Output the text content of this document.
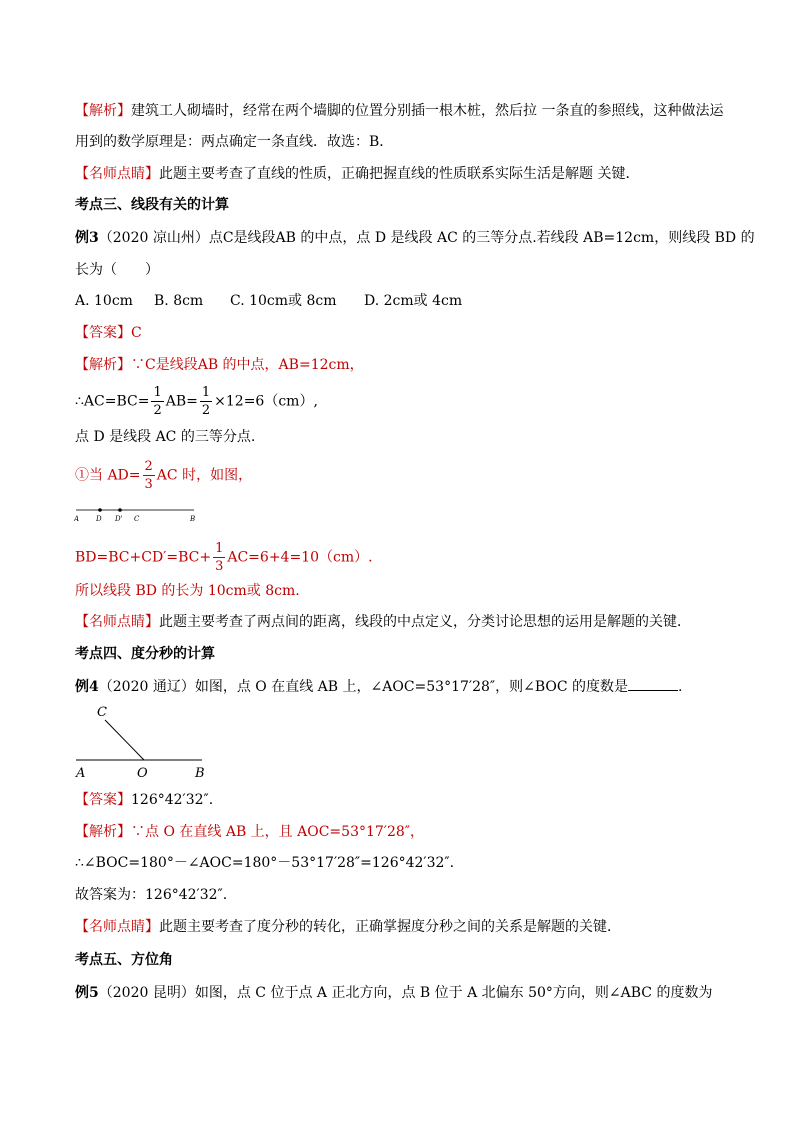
【解析】建筑工人砌墙时，经常在两个墙脚的位置分别插一根木桩，然后拉 一条直的参照线，这种做法运
用到的数学原理是：两点确定一条直线．故选：B．
【名师点睛】此题主要考查了直线的性质，正确把握直线的性质联系实际生活是解题 关键．
考点三、线段有关的计算
例3（2020 凉山州）点C是线段AB 的中点，点 D 是线段 AC 的三等分点.若线段 AB=12cm，则线段 BD 的
长为（　　）
A. 10cm B. 8cm C. 10cm或 8cm D. 2cm或 4cm
【答案】C
【解析】∵C是线段AB 的中点，AB=12cm，
∴AC=BC= $\frac{1}{2} AB= \frac{1}{2} \times 12=6(cm)$,
点 D 是线段 AC 的三等分点.
①当 $AD= \frac{2}{3}$ AC 时，如图，
A D D' C	B
$BD=BC+CD'=BC+ \frac{1}{3} AC=6+4=10(cm)$.
所以线段 BD 的长为 10cm或 8cm.
【名师点睛】此题主要考查了两点间的距离，线段的中点定义，分类讨论思想的运用是解题的关键．
考点四、度分秒的计算
例4（2020 通辽）如图，点 O 在直线 AB 上，∠AOC=53°17′28″，则∠BOC 的度数是	.
C
A	O	B
【答案】126°42′32″.
【解析】∵点 O 在直线 AB 上，且 AOC=53°17′28″，
∴∠BOC=180°－∠AOC=180°－53°17′28″=126°42′32″.
故答案为：126°42′32″.
【名师点睛】此题主要考查了度分秒的转化，正确掌握度分秒之间的关系是解题的关键．
考点五、方位角
例5（2020 昆明）如图，点 C 位于点 A 正北方向，点 B 位于 A 北偏东 50°方向，则∠ABC 的度数为
